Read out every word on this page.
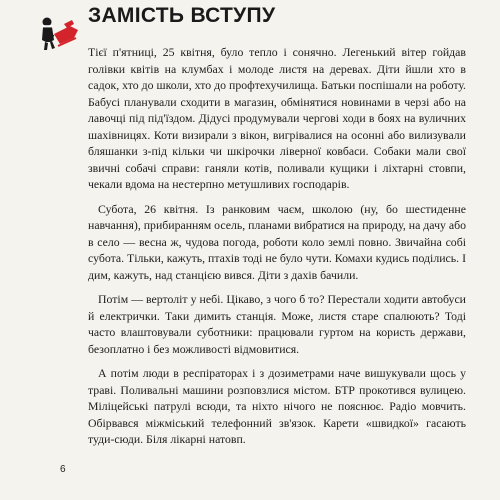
ЗАМІСТЬ ВСТУПУ

Тієї п'ятниці, 25 квітня, було тепло і сонячно. Легенький вітер гойдав голівки квітів на клумбах і молоде листя на деревах. Діти йшли хто в садок, хто до школи, хто до профтехучилища. Батьки поспішали на роботу. Бабусі планували сходити в магазин, обмінятися новинами в черзі або на лавочці під під'їздом. Дідусі продумували чергові ходи в боях на вуличних шахівницях. Коти визирали з вікон, вигрівалися на осонні або вилизували бляшанки з-під кільки чи шкірочки ліверної ковбаси. Собаки мали свої звичні собачі справи: ганяли котів, поливали кущики і ліхтарні стовпи, чекали вдома на нестерпно метушливих господарів.

Субота, 26 квітня. Із ранковим чаєм, школою (ну, бо шестиденне навчання), прибиранням осель, планами вибратися на природу, на дачу або в село — весна ж, чудова погода, роботи коло землі повно. Звичайна собі субота. Тільки, кажуть, птахів тоді не було чути. Комахи кудись поділись. І дим, кажуть, над станцією вився. Діти з дахів бачили.

Потім — вертоліт у небі. Цікаво, з чого б то? Перестали ходити автобуси й електрички. Таки димить станція. Може, листя старе спалюють? Тоді часто влаштовували суботники: працювали гуртом на користь держави, безоплатно і без можливості відмовитися.

А потім люди в респіраторах і з дозиметрами наче вишукували щось у траві. Поливальні машини розповзлися містом. БТР прокотився вулицею. Міліцейські патрулі всюди, та ніхто нічого не пояснює. Радіо мовчить. Обірвався міжміський телефонний зв'язок. Карети «швидкої» гасають туди-сюди. Біля лікарні натовп.

6
